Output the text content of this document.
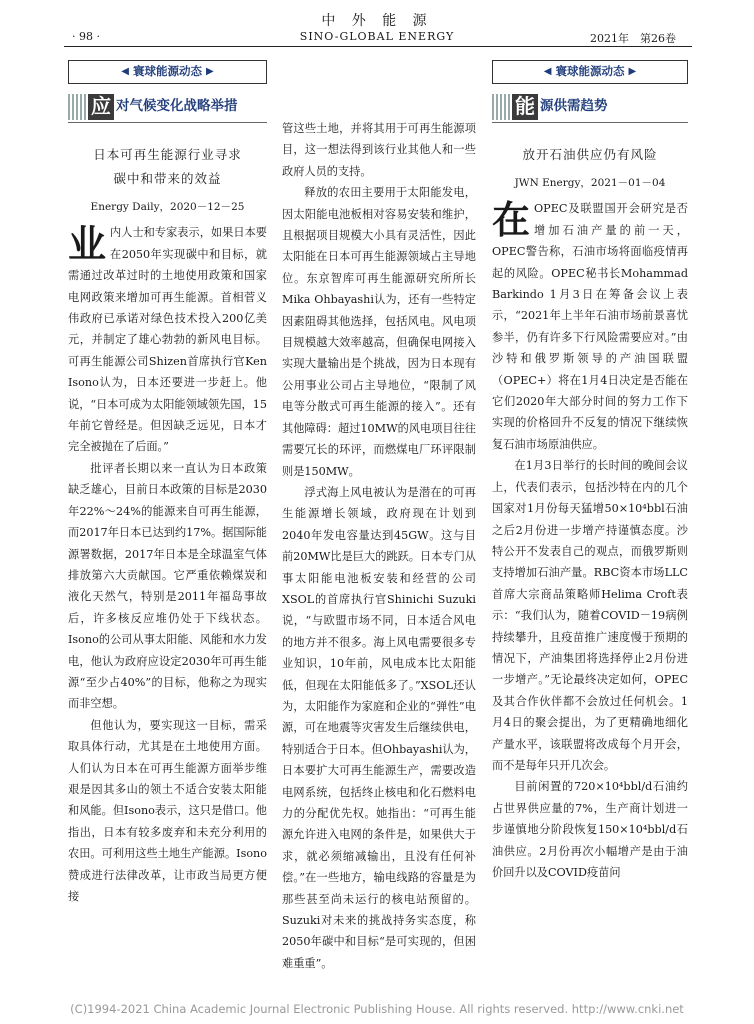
中 外 能 源
SINO-GLOBAL ENERGY
· 98 ·	2021年　第26卷
◀ 寰球能源动态 ▶
应 对气候变化战略举措
日本可再生能源行业寻求
碳中和带来的效益
Energy Daily，2020－12－25

业内人士和专家表示，如果日本要在2050年实现碳中和目标，就需通过改革过时的土地使用政策和国家电网政策来增加可再生能源。首相菅义伟政府已承诺对绿色技术投入200亿美元，并制定了雄心勃勃的新风电目标。可再生能源公司Shizen首席执行官Ken Isono认为，日本还要进一步赶上。他说，“日本可成为太阳能领域领先国，15年前它曾经是。但因缺乏远见，日本才完全被抛在了后面。”

批评者长期以来一直认为日本政策缺乏雄心，目前日本政策的目标是2030年22%～24%的能源来自可再生能源，而2017年日本已达到约17%。据国际能源署数据，2017年日本是全球温室气体排放第六大贡献国。它严重依赖煤炭和液化天然气，特别是2011年福岛事故后，许多核反应堆仍处于下线状态。Isono的公司从事太阳能、风能和水力发电，他认为政府应设定2030年可再生能源“至少占40%”的目标，他称之为现实而非空想。

但他认为，要实现这一目标，需采取具体行动，尤其是在土地使用方面。人们认为日本在可再生能源方面举步维艰是因其多山的领土不适合安装太阳能和风能。但Isono表示，这只是借口。他指出，日本有较多废弃和未充分利用的农田。可利用这些土地生产能源。Isono赞成进行法律改革，让市政当局更方便接

管这些土地，并将其用于可再生能源项目，这一想法得到该行业其他人和一些政府人员的支持。

释放的农田主要用于太阳能发电，因太阳能电池板相对容易安装和维护，且根据项目规模大小具有灵活性，因此太阳能在日本可再生能源领域占主导地位。东京智库可再生能源研究所所长Mika Ohbayashi认为，还有一些特定因素阻碍其他选择，包括风电。风电项目规模越大效率越高，但确保电网接入实现大量输出是个挑战，因为日本现有公用事业公司占主导地位，“限制了风电等分散式可再生能源的接入”。还有其他障碍：超过10MW的风电项目往往需要冗长的环评，而燃煤电厂环评限制则是150MW。

浮式海上风电被认为是潜在的可再生能源增长领域，政府现在计划到2040年发电容量达到45GW。这与目前20MW比是巨大的跳跃。日本专门从事太阳能电池板安装和经营的公司XSOL的首席执行官Shinichi Suzuki说，“与欧盟市场不同，日本适合风电的地方并不很多。海上风电需要很多专业知识，10年前，风电成本比太阳能低，但现在太阳能低多了。”XSOL还认为，太阳能作为家庭和企业的“弹性”电源，可在地震等灾害发生后继续供电，特别适合于日本。但Ohbayashi认为，日本要扩大可再生能源生产，需要改造电网系统，包括终止核电和化石燃料电力的分配优先权。她指出：“可再生能源允许进入电网的条件是，如果供大于求，就必须缩减输出，且没有任何补偿。”在一些地方，输电线路的容量是为那些甚至尚未运行的核电站预留的。Suzuki对未来的挑战持务实态度，称2050年碳中和目标“是可实现的，但困难重重”。

◀ 寰球能源动态 ▶
能 源供需趋势
放开石油供应仍有风险
JWN Energy，2021－01－04

在OPEC及联盟国开会研究是否增加石油产量的前一天，OPEC警告称，石油市场将面临疫情再起的风险。OPEC秘书长Mohammad Barkindo 1月3日在筹备会议上表示，“2021年上半年石油市场前景喜忧参半，仍有许多下行风险需要应对。”由沙特和俄罗斯领导的产油国联盟（OPEC+）将在1月4日决定是否能在它们2020年大部分时间的努力工作下实现的价格回升不反复的情况下继续恢复石油市场原油供应。

在1月3日举行的长时间的晚间会议上，代表们表示，包括沙特在内的几个国家对1月份每天猛增50×10⁴bbl石油之后2月份进一步增产持谨慎态度。沙特公开不发表自己的观点，而俄罗斯则支持增加石油产量。RBC资本市场LLC首席大宗商品策略师Helima Croft表示：“我们认为，随着COVID－19病例持续攀升，且疫苗推广速度慢于预期的情况下，产油集团将选择停止2月份进一步增产。”无论最终决定如何，OPEC及其合作伙伴都不会放过任何机会。1月4日的聚会提出，为了更精确地细化产量水平，该联盟将改成每个月开会，而不是每年只开几次会。

目前闲置的720×10⁴bbl/d石油约占世界供应量的7%，生产商计划进一步谨慎地分阶段恢复150×10⁴bbl/d石油供应。2月份再次小幅增产是由于油价回升以及COVID疫苗问

(C)1994-2021 China Academic Journal Electronic Publishing House. All rights reserved. http://www.cnki.net
